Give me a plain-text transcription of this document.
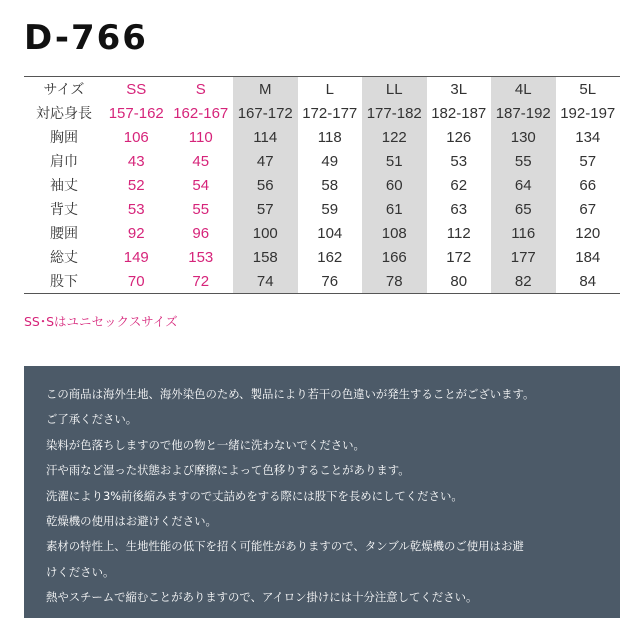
D-766
サイズ	SS	S	M	L	LL	3L	4L	5L
対応身長	157-162	162-167	167-172	172-177	177-182	182-187	187-192	192-197
胸囲	106	110	114	118	122	126	130	134
肩巾	43	45	47	49	51	53	55	57
袖丈	52	54	56	58	60	62	64	66
背丈	53	55	57	59	61	63	65	67
腰囲	92	96	100	104	108	112	116	120
総丈	149	153	158	162	166	172	177	184
股下	70	72	74	76	78	80	82	84
SS･Sはユニセックスサイズ
この商品は海外生地、海外染色のため、製品により若干の色違いが発生することがございます。
ご了承ください。
染料が色落ちしますので他の物と一緒に洗わないでください。
汗や雨など湿った状態および摩擦によって色移りすることがあります。
洗濯により3%前後縮みますので丈詰めをする際には股下を長めにしてください。
乾燥機の使用はお避けください。
素材の特性上、生地性能の低下を招く可能性がありますので、タンブル乾燥機のご使用はお避
けください。
熱やスチームで縮むことがありますので、アイロン掛けには十分注意してください。
